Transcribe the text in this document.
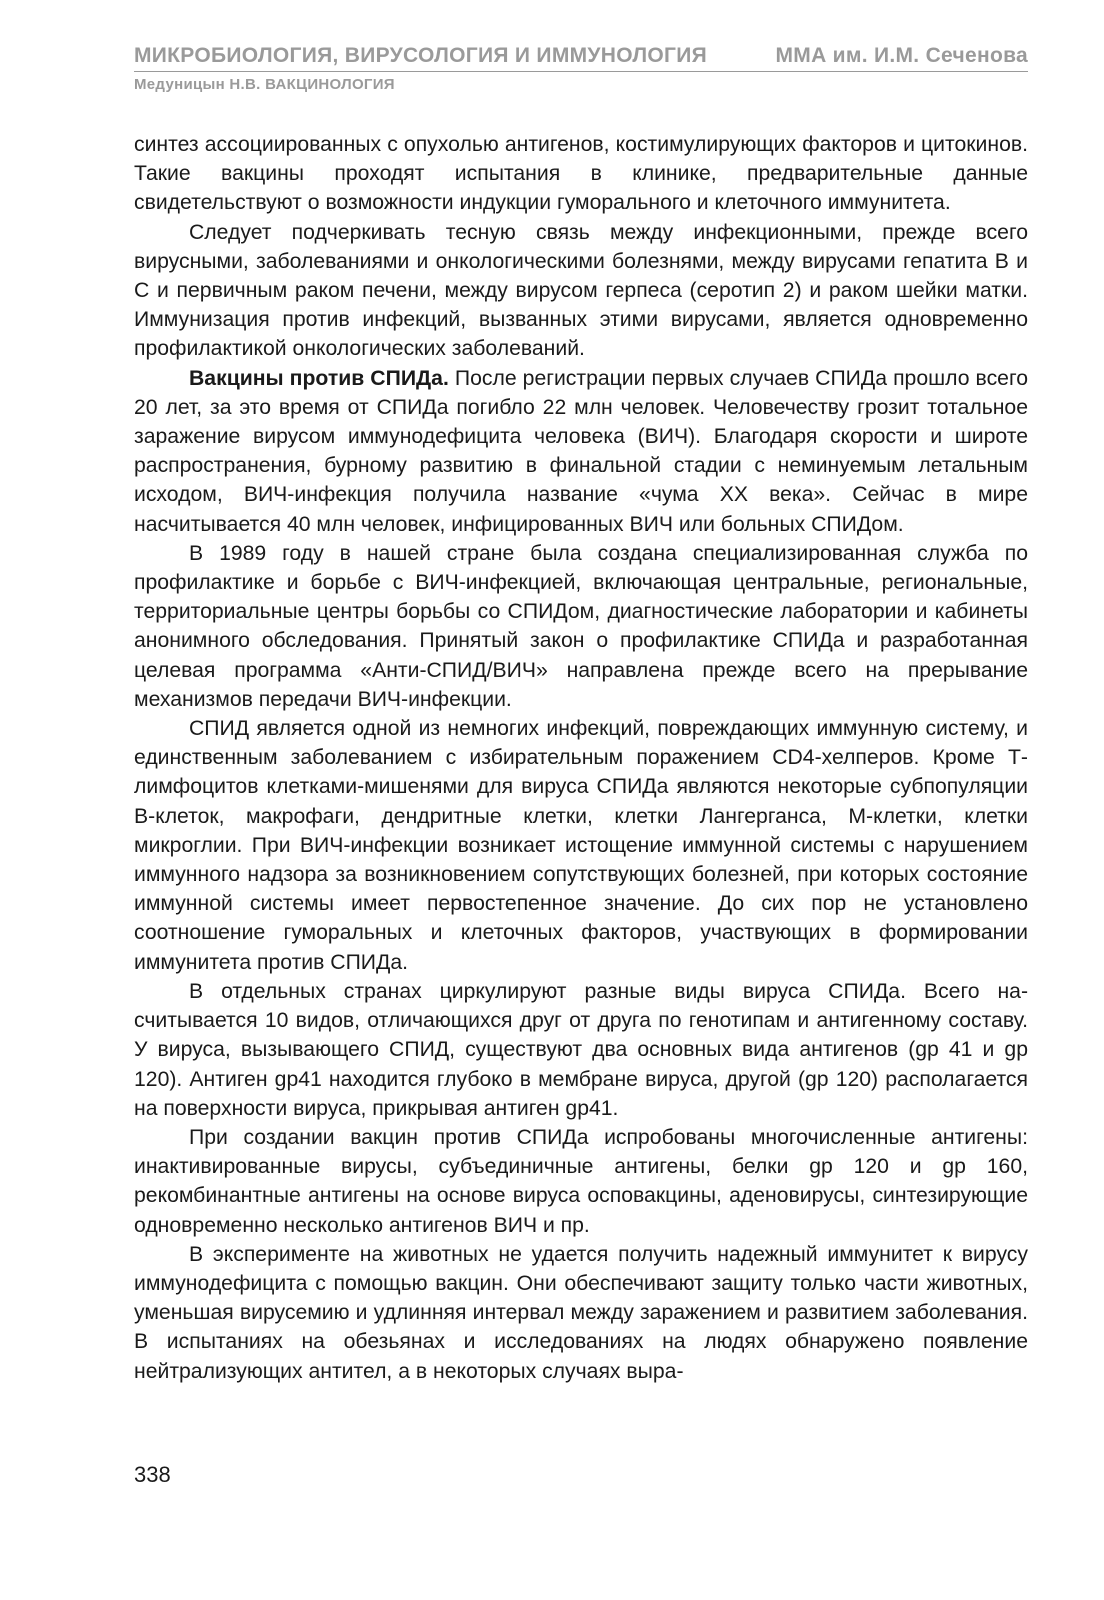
МИКРОБИОЛОГИЯ, ВИРУСОЛОГИЯ И ИММУНОЛОГИЯ	ММА им. И.М. Сеченова
Медуницын Н.В. ВАКЦИНОЛОГИЯ

синтез ассоциированных с опухолью антигенов, костимулирующих факторов и цитокинов. Такие вакцины проходят испытания в клинике, предварительные данные свидетельствуют о возможности индукции гуморального и клеточного иммунитета.

Следует подчеркивать тесную связь между инфекционными, прежде всего вирусными, заболеваниями и онкологическими болезнями, между вирусами гепатита В и С и первичным раком печени, между вирусом герпеса (серотип 2) и раком шейки матки. Иммунизация против инфекций, вызванных этими вирусами, является одновременно профилактикой онкологических заболеваний.

Вакцины против СПИДа. После регистрации первых случаев СПИДа прошло всего 20 лет, за это время от СПИДа погибло 22 млн человек. Человечеству грозит тотальное заражение вирусом иммунодефицита человека (ВИЧ). Благодаря скорости и широте распространения, бурному развитию в финальной стадии с неминуемым летальным исходом, ВИЧ-инфекция получила название «чума XX века». Сейчас в мире насчитывается 40 млн человек, инфицированных ВИЧ или больных СПИДом.

В 1989 году в нашей стране была создана специализированная служба по профилактике и борьбе с ВИЧ-инфекцией, включающая центральные, региональные, территориальные центры борьбы со СПИДом, диагностические лаборатории и кабинеты анонимного обследования. Принятый закон о профилактике СПИДа и разработанная целевая программа «Анти-СПИД/ВИЧ» направлена прежде всего на прерывание механизмов передачи ВИЧ-инфекции.

СПИД является одной из немногих инфекций, повреждающих иммунную систему, и единственным заболеванием с избирательным поражением CD4-хелперов. Кроме Т-лимфоцитов клетками-мишенями для вируса СПИДа являются некоторые субпопуляции В-клеток, макрофаги, дендритные клетки, клетки Лангерганса, М-клетки, клетки микроглии. При ВИЧ-инфекции возникает истощение иммунной системы с нарушением иммунного надзора за возникновением сопутствующих болезней, при которых состояние иммунной системы имеет первостепенное значение. До сих пор не установлено соотношение гуморальных и клеточных факторов, участвующих в формировании иммунитета против СПИДа.

В отдельных странах циркулируют разные виды вируса СПИДа. Всего насчитывается 10 видов, отличающихся друг от друга по генотипам и антигенному составу. У вируса, вызывающего СПИД, существуют два основных вида антигенов (gp 41 и gp 120). Антиген gp41 находится глубоко в мембране вируса, другой (gp 120) располагается на поверхности вируса, прикрывая антиген gp41.

При создании вакцин против СПИДа испробованы многочисленные антигены: инактивированные вирусы, субъединичные антигены, белки gp 120 и gp 160, рекомбинантные антигены на основе вируса осповакцины, аденовирусы, синтезирующие одновременно несколько антигенов ВИЧ и пр.

В эксперименте на животных не удается получить надежный иммунитет к вирусу иммунодефицита с помощью вакцин. Они обеспечивают защиту только части животных, уменьшая вирусемию и удлинняя интервал между заражением и развитием заболевания. В испытаниях на обезьянах и исследованиях на людях обнаружено появление нейтрализующих антител, а в некоторых случаях выра-

338
